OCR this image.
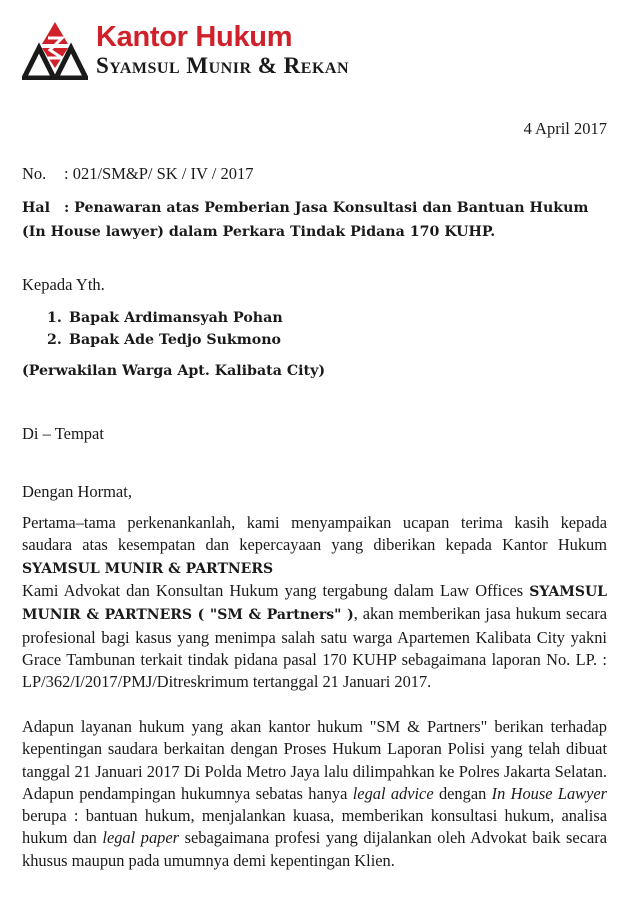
Kantor Hukum
Syamsul Munir & Rekan
4 April 2017
No. : 021/SM&P/ SK / IV / 2017
Hal : Penawaran atas Pemberian Jasa Konsultasi dan Bantuan Hukum (In House lawyer) dalam Perkara Tindak Pidana 170 KUHP.
Kepada Yth.
1. Bapak Ardimansyah Pohan
2. Bapak Ade Tedjo Sukmono
(Perwakilan Warga Apt. Kalibata City)
Di – Tempat
Dengan Hormat,
Pertama–tama perkenankanlah, kami menyampaikan ucapan terima kasih kepada saudara atas kesempatan dan kepercayaan yang diberikan kepada Kantor Hukum SYAMSUL MUNIR & PARTNERS
Kami Advokat dan Konsultan Hukum yang tergabung dalam Law Offices SYAMSUL MUNIR & PARTNERS ( "SM & Partners" ), akan memberikan jasa hukum secara profesional bagi kasus yang menimpa salah satu warga Apartemen Kalibata City yakni Grace Tambunan terkait tindak pidana pasal 170 KUHP sebagaimana laporan No. LP. : LP/362/I/2017/PMJ/Ditreskrimum tertanggal 21 Januari 2017.
Adapun layanan hukum yang akan kantor hukum "SM & Partners" berikan terhadap kepentingan saudara berkaitan dengan Proses Hukum Laporan Polisi yang telah dibuat tanggal 21 Januari 2017 Di Polda Metro Jaya lalu dilimpahkan ke Polres Jakarta Selatan. Adapun pendampingan hukumnya sebatas hanya legal advice dengan In House Lawyer berupa : bantuan hukum, menjalankan kuasa, memberikan konsultasi hukum, analisa hukum dan legal paper sebagaimana profesi yang dijalankan oleh Advokat baik secara khusus maupun pada umumnya demi kepentingan Klien.
